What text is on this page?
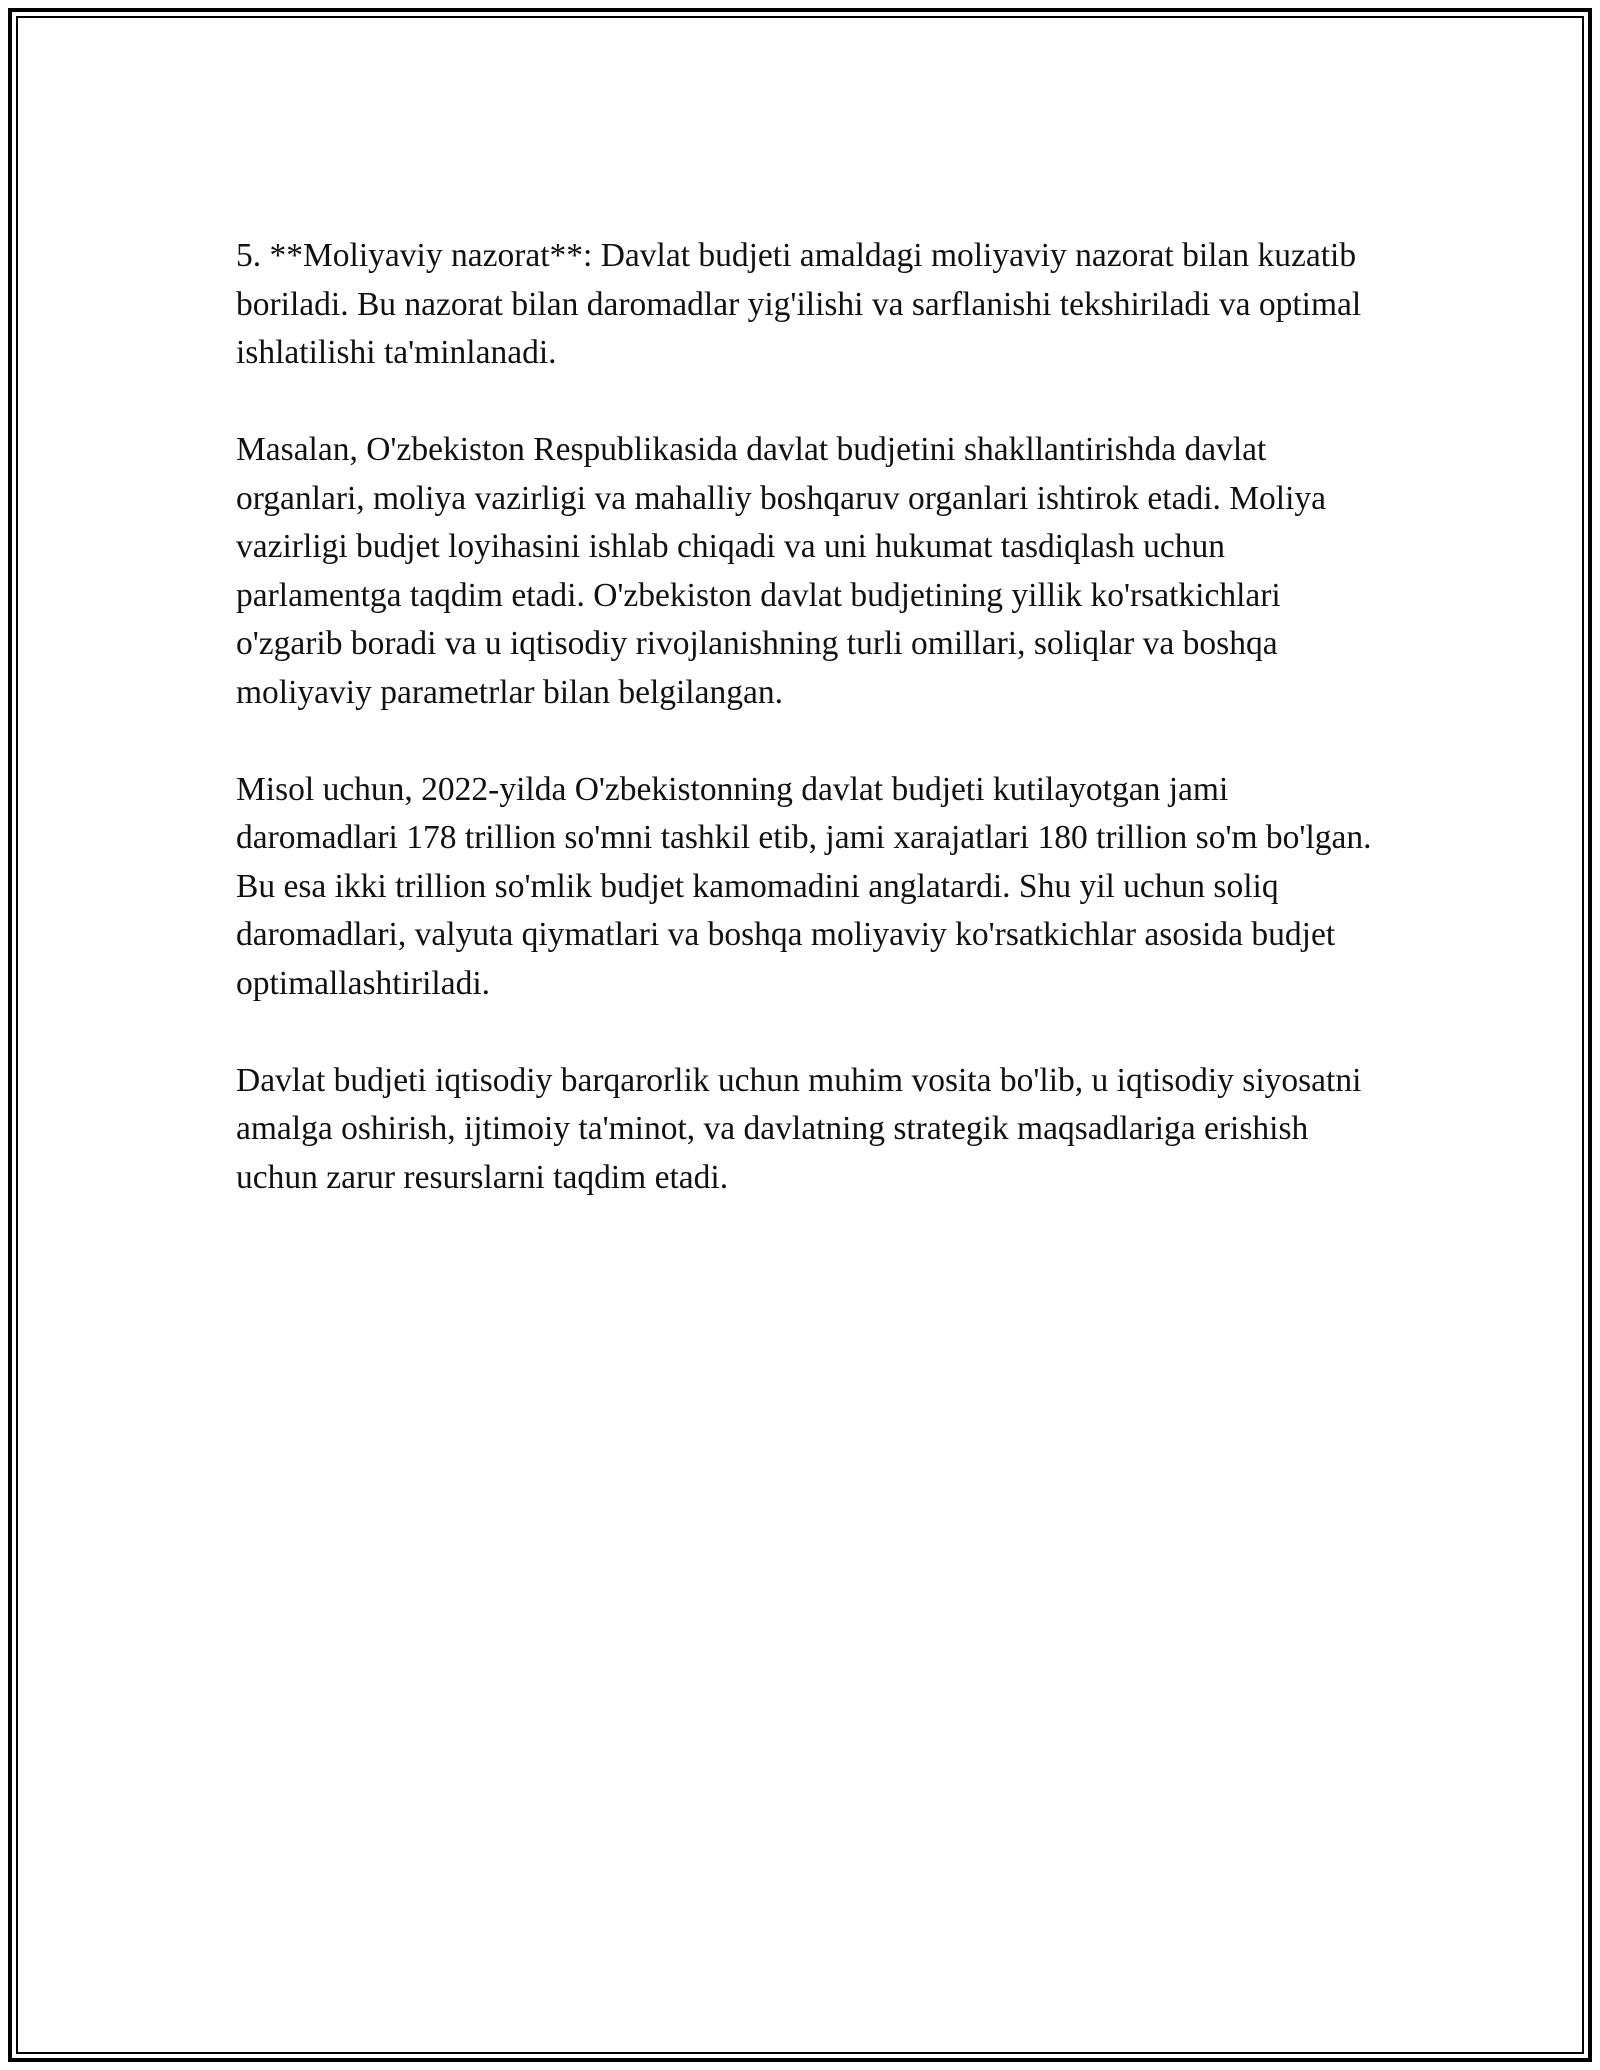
5. **Moliyaviy nazorat**: Davlat budjeti amaldagi moliyaviy nazorat bilan kuzatib boriladi. Bu nazorat bilan daromadlar yig'ilishi va sarflanishi tekshiriladi va optimal ishlatilishi ta'minlanadi.

Masalan, O'zbekiston Respublikasida davlat budjetini shakllantirishda davlat organlari, moliya vazirligi va mahalliy boshqaruv organlari ishtirok etadi. Moliya vazirligi budjet loyihasini ishlab chiqadi va uni hukumat tasdiqlash uchun parlamentga taqdim etadi. O'zbekiston davlat budjetining yillik ko'rsatkichlari o'zgarib boradi va u iqtisodiy rivojlanishning turli omillari, soliqlar va boshqa moliyaviy parametrlar bilan belgilangan.

Misol uchun, 2022-yilda O'zbekistonning davlat budjeti kutilayotgan jami daromadlari 178 trillion so'mni tashkil etib, jami xarajatlari 180 trillion so'm bo'lgan. Bu esa ikki trillion so'mlik budjet kamomadini anglatardi. Shu yil uchun soliq daromadlari, valyuta qiymatlari va boshqa moliyaviy ko'rsatkichlar asosida budjet optimallashtiriladi.

Davlat budjeti iqtisodiy barqarorlik uchun muhim vosita bo'lib, u iqtisodiy siyosatni amalga oshirish, ijtimoiy ta'minot, va davlatning strategik maqsadlariga erishish uchun zarur resurslarni taqdim etadi.
